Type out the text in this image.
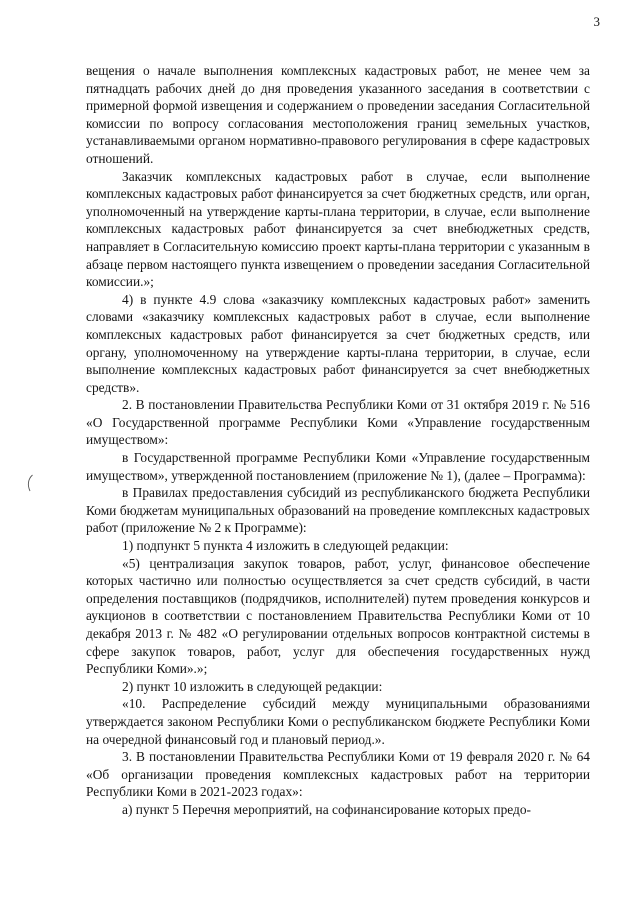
3

вещения о начале выполнения комплексных кадастровых работ, не менее чем за пятнадцать рабочих дней до дня проведения указанного заседания в соответствии с примерной формой извещения и содержанием о проведении заседания Согласительной комиссии по вопросу согласования местоположения границ земельных участков, устанавливаемыми органом нормативно-правового регулирования в сфере кадастровых отношений.

Заказчик комплексных кадастровых работ в случае, если выполнение комплексных кадастровых работ финансируется за счет бюджетных средств, или орган, уполномоченный на утверждение карты-плана территории, в случае, если выполнение комплексных кадастровых работ финансируется за счет внебюджетных средств, направляет в Согласительную комиссию проект карты-плана территории с указанным в абзаце первом настоящего пункта извещением о проведении заседания Согласительной комиссии.»;

4) в пункте 4.9 слова «заказчику комплексных кадастровых работ» заменить словами «заказчику комплексных кадастровых работ в случае, если выполнение комплексных кадастровых работ финансируется за счет бюджетных средств, или органу, уполномоченному на утверждение карты-плана территории, в случае, если выполнение комплексных кадастровых работ финансируется за счет внебюджетных средств».

2. В постановлении Правительства Республики Коми от 31 октября 2019 г. № 516 «О Государственной программе Республики Коми «Управление государственным имуществом»:

в Государственной программе Республики Коми «Управление государственным имуществом», утвержденной постановлением (приложение № 1), (далее – Программа):

в Правилах предоставления субсидий из республиканского бюджета Республики Коми бюджетам муниципальных образований на проведение комплексных кадастровых работ (приложение № 2 к Программе):

1) подпункт 5 пункта 4 изложить в следующей редакции:

«5) централизация закупок товаров, работ, услуг, финансовое обеспечение которых частично или полностью осуществляется за счет средств субсидий, в части определения поставщиков (подрядчиков, исполнителей) путем проведения конкурсов и аукционов в соответствии с постановлением Правительства Республики Коми от 10 декабря 2013 г. № 482 «О регулировании отдельных вопросов контрактной системы в сфере закупок товаров, работ, услуг для обеспечения государственных нужд Республики Коми».»;

2) пункт 10 изложить в следующей редакции:

«10. Распределение субсидий между муниципальными образованиями утверждается законом Республики Коми о республиканском бюджете Республики Коми на очередной финансовый год и плановый период.».

3. В постановлении Правительства Республики Коми от 19 февраля 2020 г. № 64 «Об организации проведения комплексных кадастровых работ на территории Республики Коми в 2021-2023 годах»:

а) пункт 5 Перечня мероприятий, на софинансирование которых предо-
